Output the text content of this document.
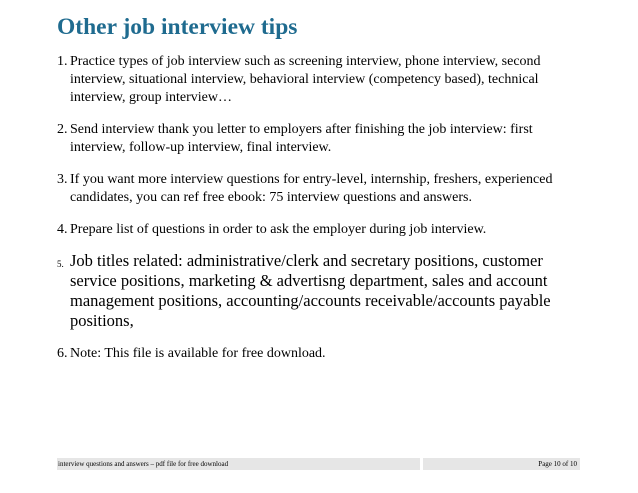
Other job interview tips

1. Practice types of job interview such as screening interview, phone interview, second interview, situational interview, behavioral interview (competency based), technical interview, group interview…

2. Send interview thank you letter to employers after finishing the job interview: first interview, follow-up interview, final interview.

3. If you want more interview questions for entry-level, internship, freshers, experienced candidates, you can ref free ebook: 75 interview questions and answers.

4. Prepare list of questions in order to ask the employer during job interview.

5. Job titles related: administrative/clerk and secretary positions, customer service positions, marketing & advertisng department, sales and account management positions, accounting/accounts receivable/accounts payable positions,

6. Note: This file is available for free download.

interview questions and answers – pdf file for free download	Page 10 of 10
